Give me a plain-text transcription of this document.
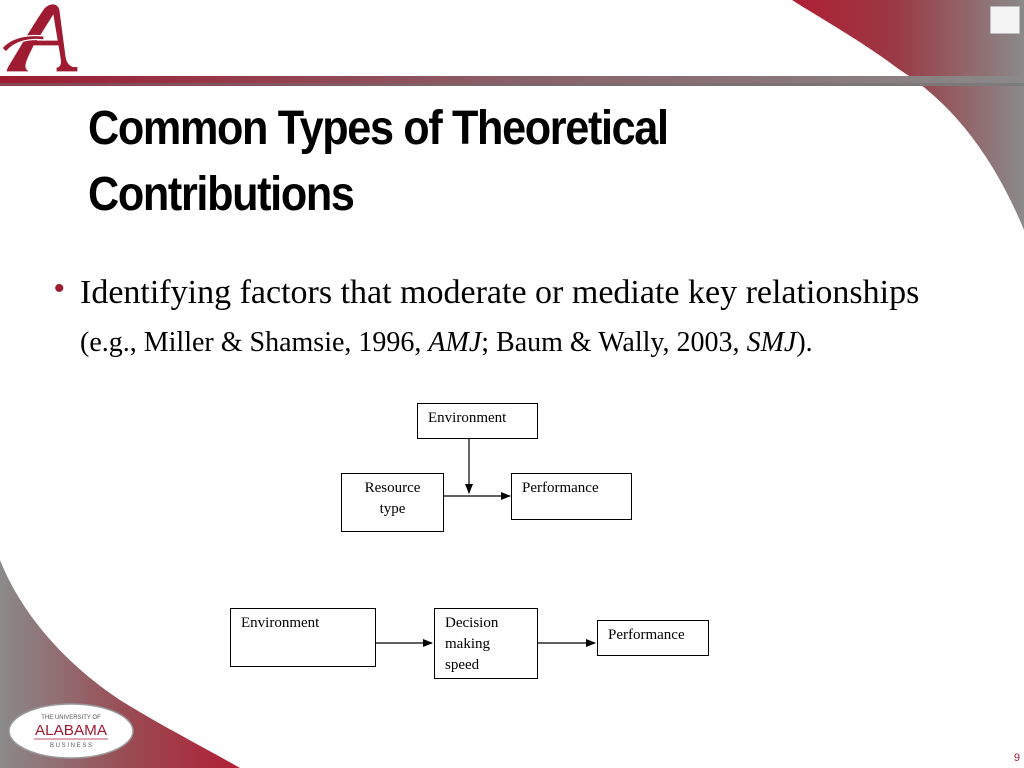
Common Types of Theoretical
Contributions
• Identifying factors that moderate or mediate key relationships (e.g., Miller & Shamsie, 1996, AMJ; Baum & Wally, 2003, SMJ).

Environment
Resource
type
Performance
Environment	Decision
making
speed
Performance
THE UNIVERSITY OF
ALABAMA
B U S I N E S S
9
